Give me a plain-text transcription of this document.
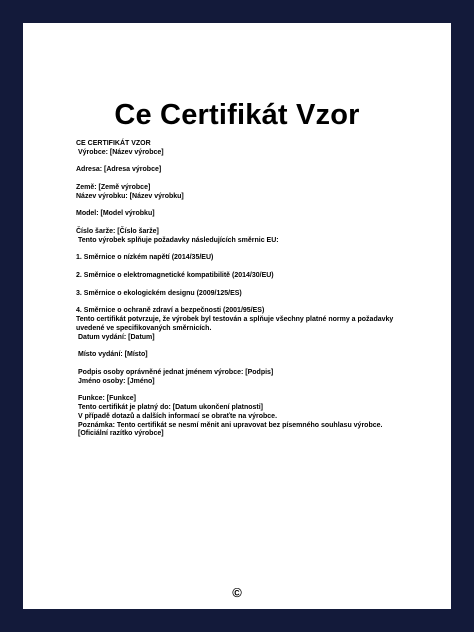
Ce Certifikát Vzor
CE CERTIFIKÁT VZOR
Výrobce: [Název výrobce]
Adresa: [Adresa výrobce]
Země: [Země výrobce]
Název výrobku: [Název výrobku]
Model: [Model výrobku]
Číslo šarže: [Číslo šarže]
Tento výrobek splňuje požadavky následujících směrnic EU:
1. Směrnice o nízkém napětí (2014/35/EU)
2. Směrnice o elektromagnetické kompatibilitě (2014/30/EU)
3. Směrnice o ekologickém designu (2009/125/ES)
4. Směrnice o ochraně zdraví a bezpečnosti (2001/95/ES)
Tento certifikát potvrzuje, že výrobek byl testován a splňuje všechny platné normy a požadavky uvedené ve specifikovaných směrnicích.
Datum vydání: [Datum]
Místo vydání: [Místo]
Podpis osoby oprávněné jednat jménem výrobce: [Podpis]
Jméno osoby: [Jméno]
Funkce: [Funkce]
Tento certifikát je platný do: [Datum ukončení platnosti]
V případě dotazů a dalších informací se obraťte na výrobce.
Poznámka: Tento certifikát se nesmí měnit ani upravovat bez písemného souhlasu výrobce.
[Oficiální razítko výrobce]
©
